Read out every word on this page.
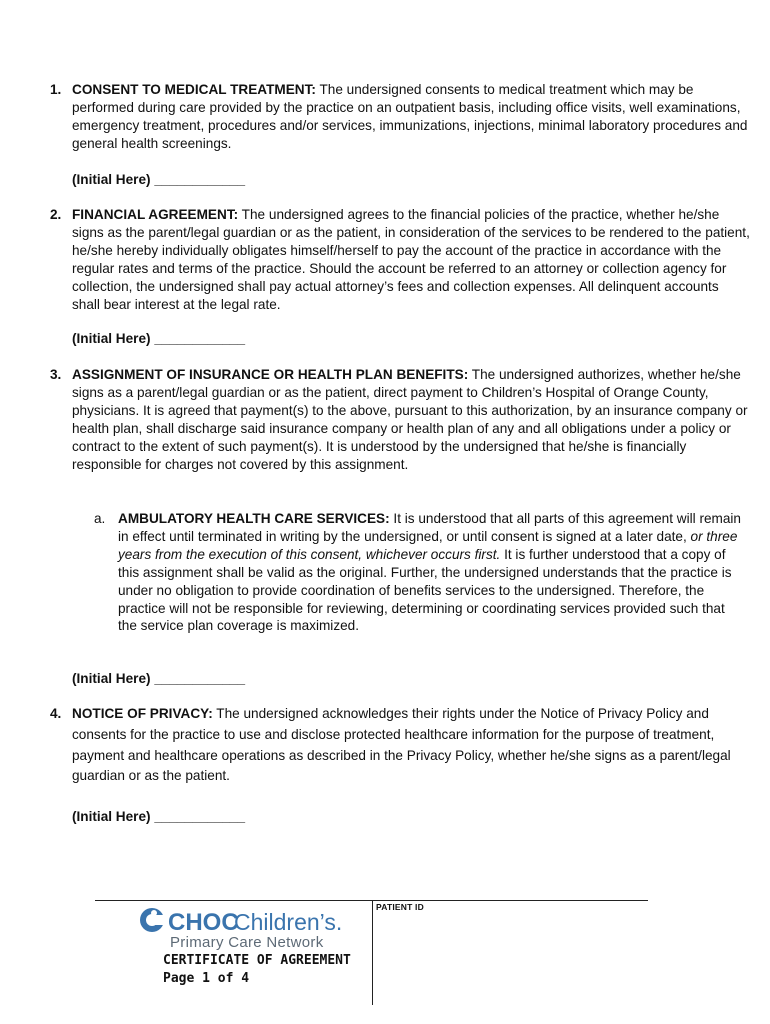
1. CONSENT TO MEDICAL TREATMENT: The undersigned consents to medical treatment which may be performed during care provided by the practice on an outpatient basis, including office visits, well examinations, emergency treatment, procedures and/or services, immunizations, injections, minimal laboratory procedures and general health screenings.
(Initial Here) ____________
2. FINANCIAL AGREEMENT: The undersigned agrees to the financial policies of the practice, whether he/she signs as the parent/legal guardian or as the patient, in consideration of the services to be rendered to the patient, he/she hereby individually obligates himself/herself to pay the account of the practice in accordance with the regular rates and terms of the practice. Should the account be referred to an attorney or collection agency for collection, the undersigned shall pay actual attorney’s fees and collection expenses. All delinquent accounts shall bear interest at the legal rate.
(Initial Here) ____________
3. ASSIGNMENT OF INSURANCE OR HEALTH PLAN BENEFITS: The undersigned authorizes, whether he/she signs as a parent/legal guardian or as the patient, direct payment to Children’s Hospital of Orange County, physicians. It is agreed that payment(s) to the above, pursuant to this authorization, by an insurance company or health plan, shall discharge said insurance company or health plan of any and all obligations under a policy or contract to the extent of such payment(s). It is understood by the undersigned that he/she is financially responsible for charges not covered by this assignment.
a. AMBULATORY HEALTH CARE SERVICES: It is understood that all parts of this agreement will remain in effect until terminated in writing by the undersigned, or until consent is signed at a later date, or three years from the execution of this consent, whichever occurs first. It is further understood that a copy of this assignment shall be valid as the original. Further, the undersigned understands that the practice is under no obligation to provide coordination of benefits services to the undersigned. Therefore, the practice will not be responsible for reviewing, determining or coordinating services provided such that the service plan coverage is maximized.
(Initial Here) ____________
4. NOTICE OF PRIVACY: The undersigned acknowledges their rights under the Notice of Privacy Policy and consents for the practice to use and disclose protected healthcare information for the purpose of treatment, payment and healthcare operations as described in the Privacy Policy, whether he/she signs as a parent/legal guardian or as the patient.
(Initial Here) ____________
PATIENT ID
CHOC
Children’s.
Primary Care Network
CERTIFICATE OF AGREEMENT
Page 1 of 4
